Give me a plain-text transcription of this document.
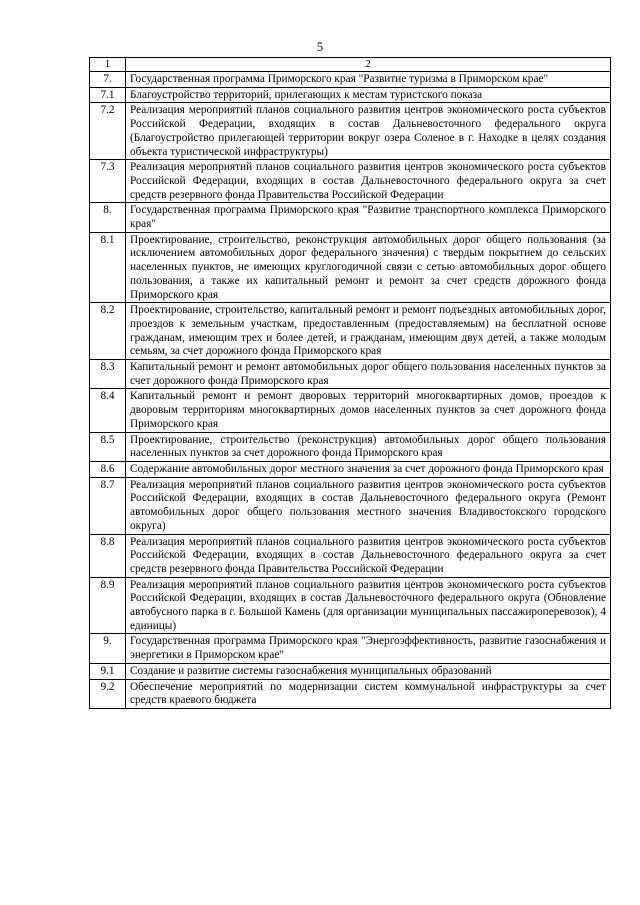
5
1	2
7.	Государственная программа Приморского края "Развитие туризма в Приморском крае"
7.1	Благоустройство территорий, прилегающих к местам туристского показа
7.2	Реализация мероприятий планов социального развития центров экономического роста субъектов Российской Федерации, входящих в состав Дальневосточного федерального округа (Благоустройство прилегающей территории вокруг озера Соленое в г. Находке в целях создания объекта туристической инфраструктуры)
7.3	Реализация мероприятий планов социального развития центров экономического роста субъектов Российской Федерации, входящих в состав Дальневосточного федерального округа за счет средств резервного фонда Правительства Российской Федерации
8.	Государственная программа Приморского края "Развитие транспортного комплекса Приморского края"
8.1	Проектирование, строительство, реконструкция автомобильных дорог общего пользования (за исключением автомобильных дорог федерального значения) с твердым покрытием до сельских населенных пунктов, не имеющих круглогодичной связи с сетью автомобильных дорог общего пользования, а также их капитальный ремонт и ремонт за счет средств дорожного фонда Приморского края
8.2	Проектирование, строительство, капитальный ремонт и ремонт подъездных автомобильных дорог, проездов к земельным участкам, предоставленным (предоставляемым) на бесплатной основе гражданам, имеющим трех и более детей, и гражданам, имеющим двух детей, а также молодым семьям, за счет дорожного фонда Приморского края
8.3	Капитальный ремонт и ремонт автомобильных дорог общего пользования населенных пунктов за счет дорожного фонда Приморского края
8.4	Капитальный ремонт и ремонт дворовых территорий многоквартирных домов, проездов к дворовым территориям многоквартирных домов населенных пунктов за счет дорожного фонда Приморского края
8.5	Проектирование, строительство (реконструкция) автомобильных дорог общего пользования населенных пунктов за счет дорожного фонда Приморского края
8.6	Содержание автомобильных дорог местного значения за счет дорожного фонда Приморского края
8.7	Реализация мероприятий планов социального развития центров экономического роста субъектов Российской Федерации, входящих в состав Дальневосточного федерального округа (Ремонт автомобильных дорог общего пользования местного значения Владивостокского городского округа)
8.8	Реализация мероприятий планов социального развития центров экономического роста субъектов Российской Федерации, входящих в состав Дальневосточного федерального округа за счет средств резервного фонда Правительства Российской Федерации
8.9	Реализация мероприятий планов социального развития центров экономического роста субъектов Российской Федерации, входящих в состав Дальневосточного федерального округа (Обновление автобусного парка в г. Большой Камень (для организации муниципальных пассажироперевозок), 4 единицы)
9.	Государственная программа Приморского края "Энергоэффективность, развитие газоснабжения и энергетики в Приморском крае"
9.1	Создание и развитие системы газоснабжения муниципальных образований
9.2	Обеспечение мероприятий по модернизации систем коммунальной инфраструктуры за счет средств краевого бюджета
